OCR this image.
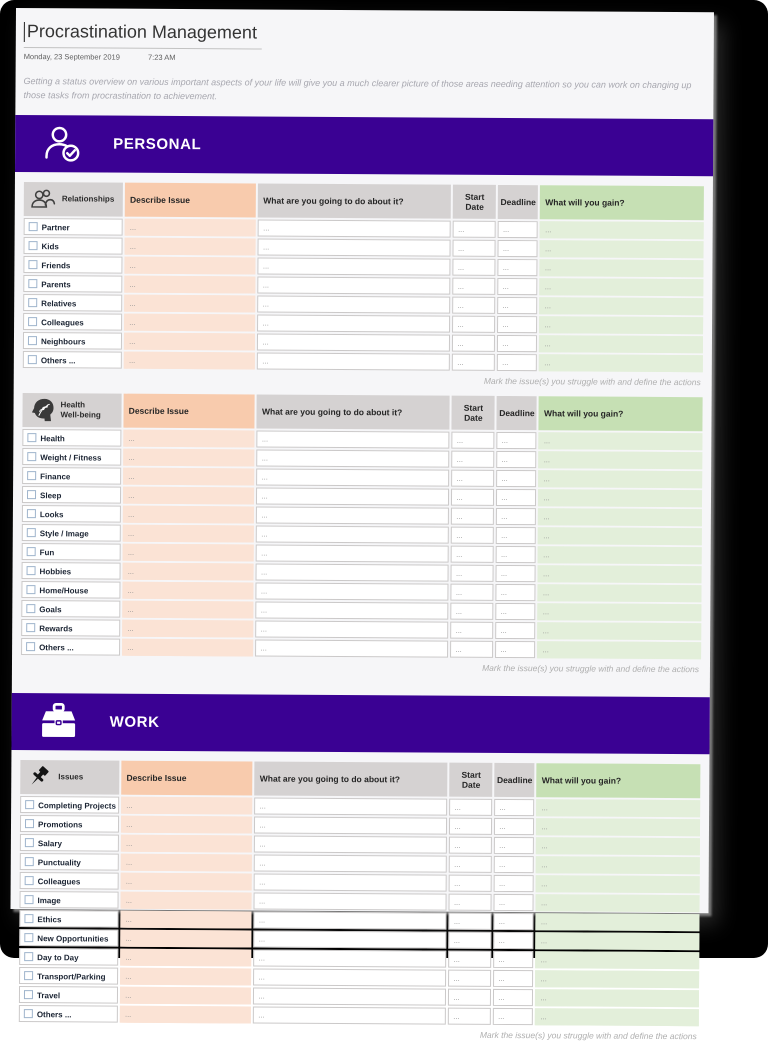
Procrastination Management
Monday, 23 September 2019	7:23 AM
Getting a status overview on various important aspects of your life will give you a much clearer picture of those areas needing attention so you can work on changing up those tasks from procrastination to achievement.
PERSONAL
Relationships	Describe Issue	What are you going to do about it?	Start Date	Deadline	What will you gain?
Partner	...	...	...	...	...
Kids	...	...	...	...	...
Friends	...	...	...	...	...
Parents	...	...	...	...	...
Relatives	...	...	...	...	...
Colleagues	...	...	...	...	...
Neighbours	...	...	...	...	...
Others ...	...	...	...	...	...
Mark the issue(s) you struggle with and define the actions
Health
Well-being	Describe Issue	What are you going to do about it?	Start Date	Deadline	What will you gain?
Health	...	...	...	...	...
Weight / Fitness	...	...	...	...	...
Finance	...	...	...	...	...
Sleep	...	...	...	...	...
Looks	...	...	...	...	...
Style / Image	...	...	...	...	...
Fun	...	...	...	...	...
Hobbies	...	...	...	...	...
Home/House	...	...	...	...	...
Goals	...	...	...	...	...
Rewards	...	...	...	...	...
Others ...	...	...	...	...	...
Mark the issue(s) you struggle with and define the actions
WORK
Issues	Describe Issue	What are you going to do about it?	Start Date	Deadline	What will you gain?
Completing Projects	...	...	...	...	...
Promotions	...	...	...	...	...
Salary	...	...	...	...	...
Punctuality	...	...	...	...	...
Colleagues	...	...	...	...	...
Image	...	...	...	...	...
Ethics	...	...	...	...	...
New Opportunities	...	...	...	...	...
Day to Day	...	...	...	...	...
Transport/Parking	...	...	...	...	...
Travel	...	...	...	...	...
Others ...	...	...	...	...	...
Mark the issue(s) you struggle with and define the actions
